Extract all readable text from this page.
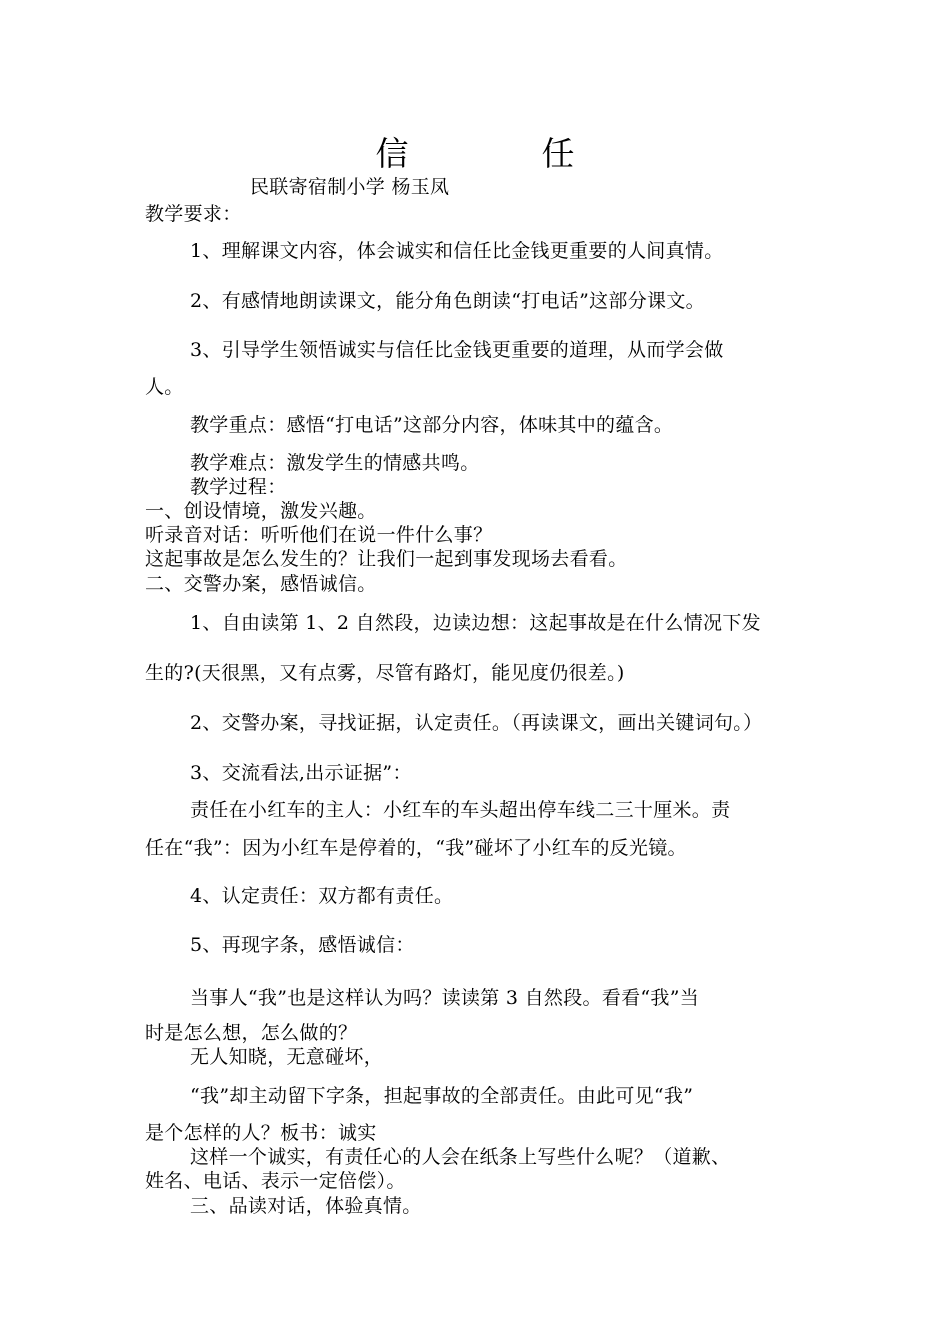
信　任
民联寄宿制小学 杨玉凤
教学要求：
1、理解课文内容，体会诚实和信任比金钱更重要的人间真情。
2、有感情地朗读课文，能分角色朗读“打电话”这部分课文。
3、引导学生领悟诚实与信任比金钱更重要的道理，从而学会做
人。
教学重点：感悟“打电话”这部分内容，体味其中的蕴含。
教学难点：激发学生的情感共鸣。
教学过程：
一、创设情境，激发兴趣。
听录音对话：听听他们在说一件什么事？
这起事故是怎么发生的？让我们一起到事发现场去看看。
二、交警办案，感悟诚信。
1、自由读第 1、2 自然段，边读边想：这起事故是在什么情况下发
生的?(天很黑，又有点雾，尽管有路灯，能见度仍很差。)
2、交警办案，寻找证据，认定责任。（再读课文，画出关键词句。）
3、交流看法,出示证据”：
责任在小红车的主人：小红车的车头超出停车线二三十厘米。责
任在“我”：因为小红车是停着的，“我”碰坏了小红车的反光镜。
4、认定责任：双方都有责任。
5、再现字条，感悟诚信：
当事人“我”也是这样认为吗？读读第 3 自然段。看看“我”当
时是怎么想，怎么做的？
无人知晓，无意碰坏，
“我”却主动留下字条，担起事故的全部责任。由此可见“我”
是个怎样的人？板书：诚实
这样一个诚实，有责任心的人会在纸条上写些什么呢？（道歉、
姓名、电话、表示一定倍偿）。
三、品读对话，体验真情。
